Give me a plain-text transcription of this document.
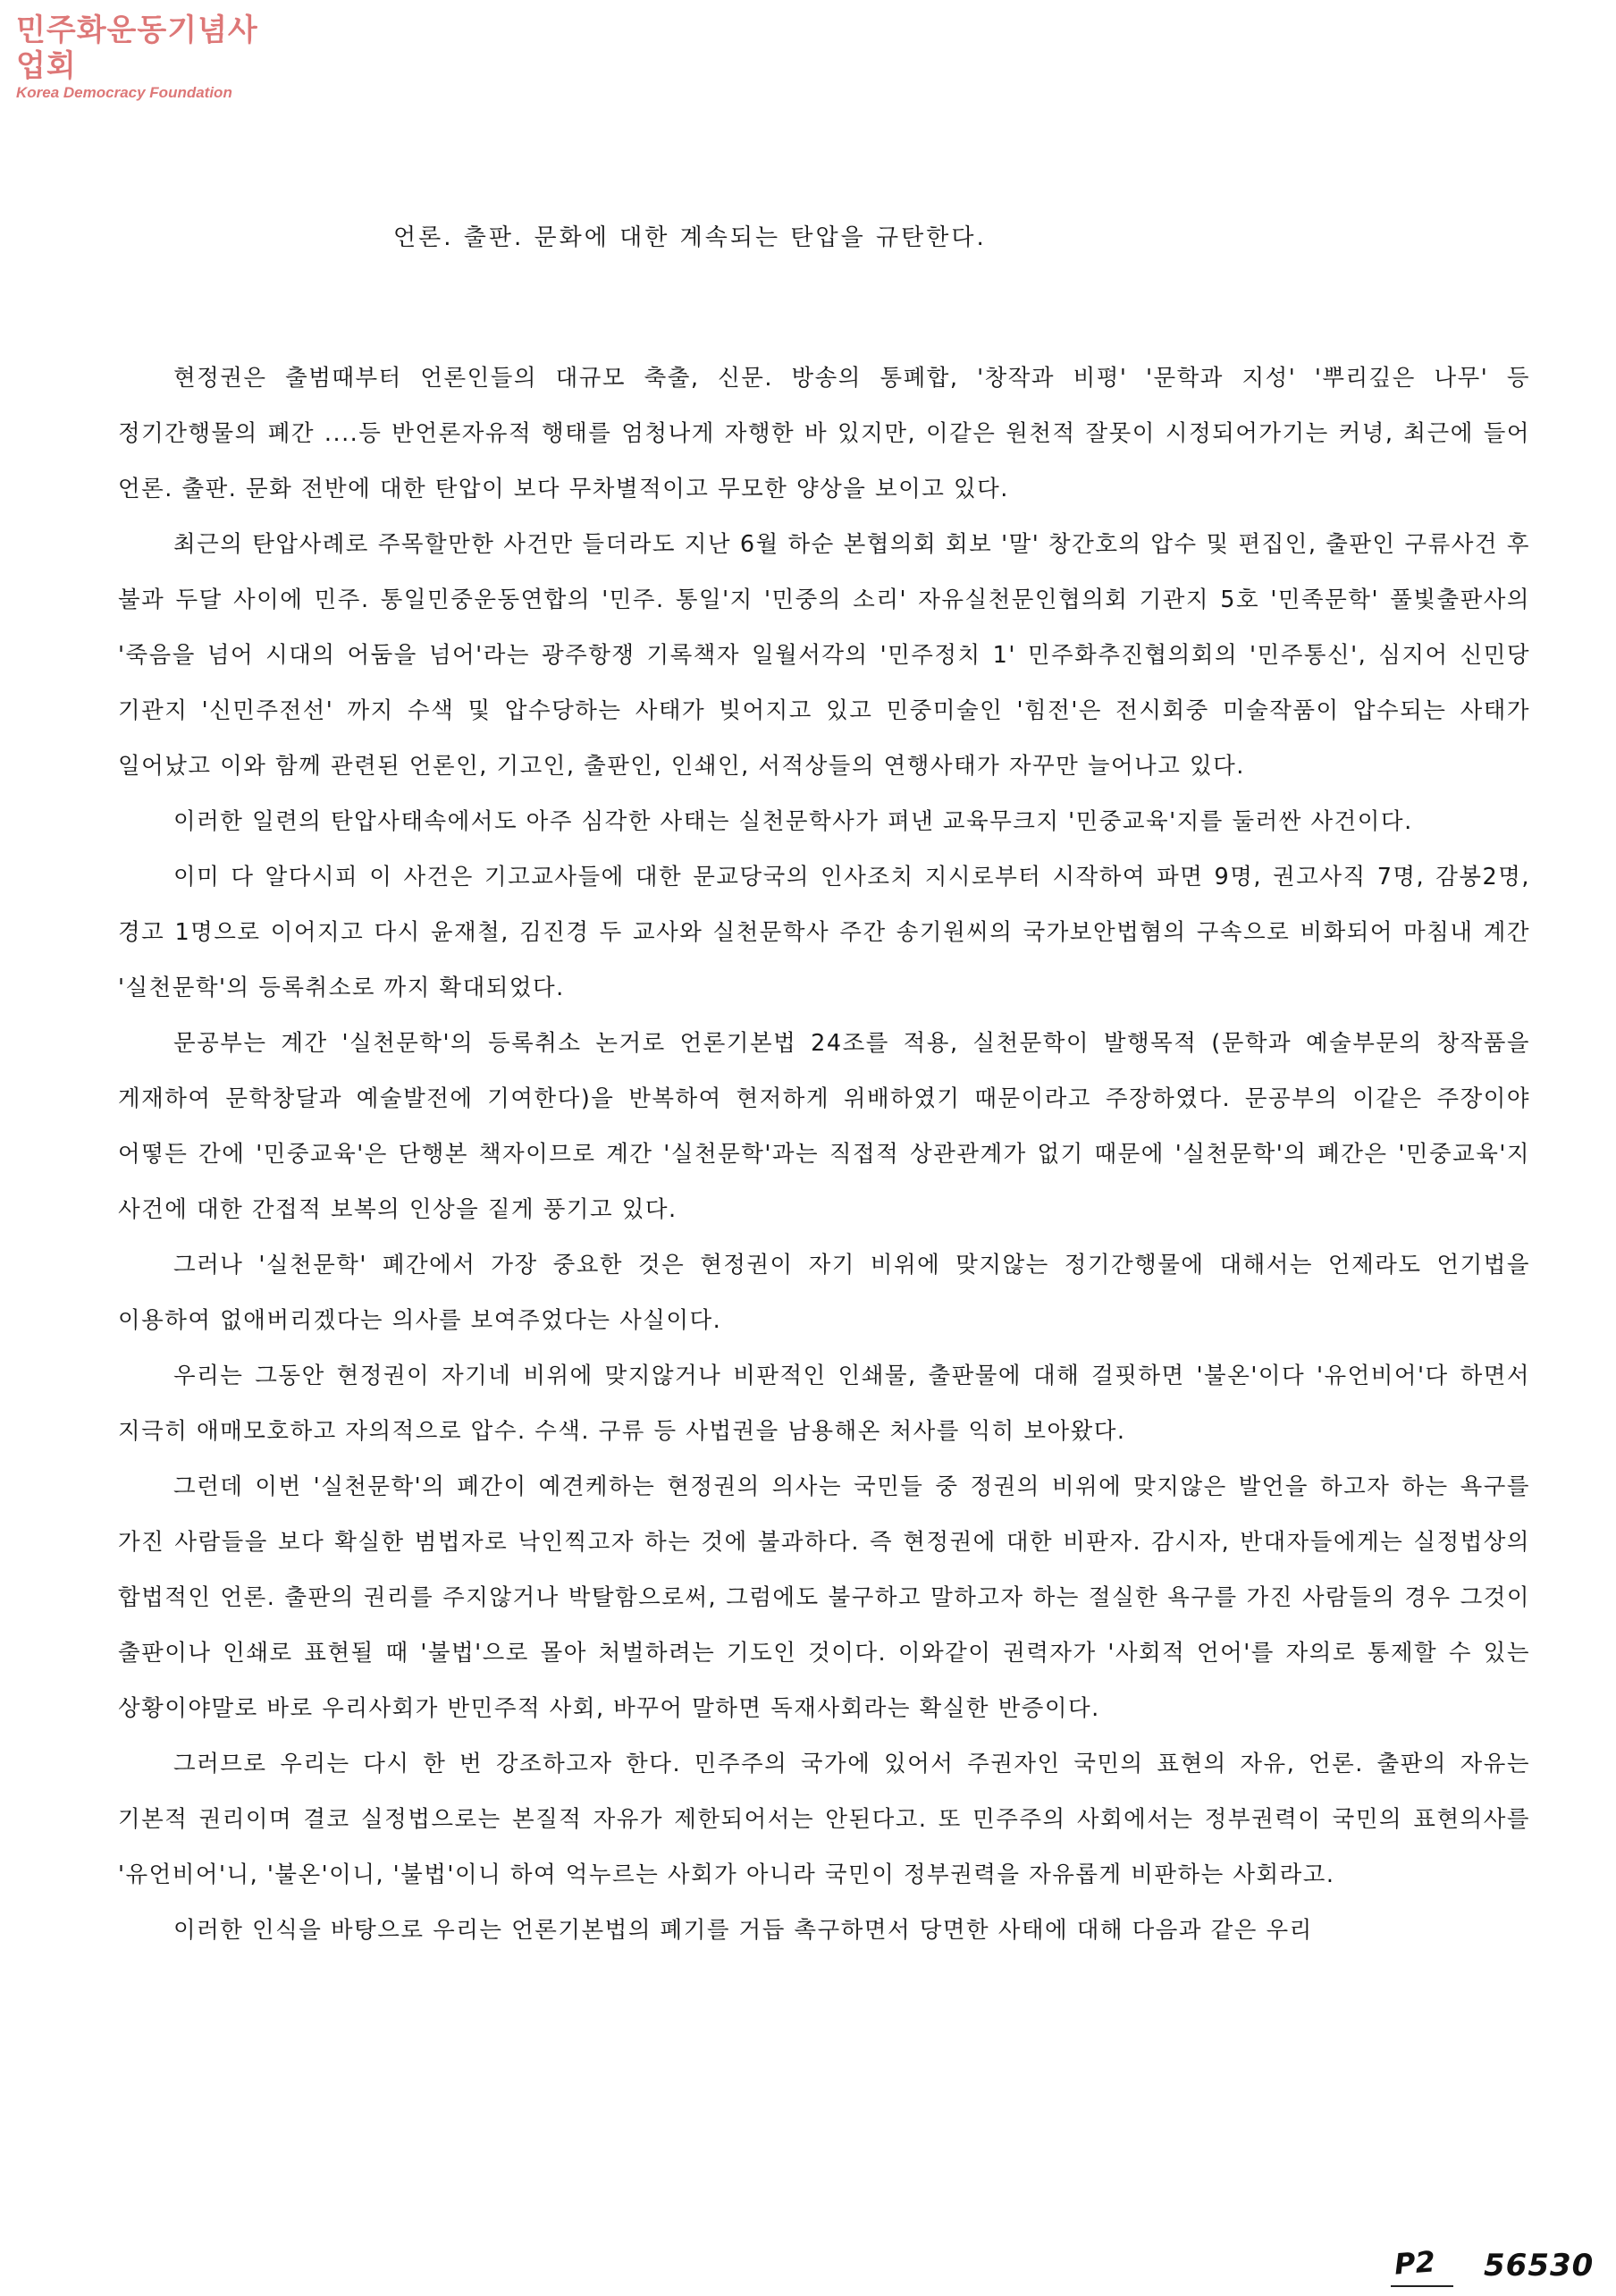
민주화운동기념사업회
Korea Democracy Foundation
언론. 출판. 문화에 대한 계속되는 탄압을 규탄한다.

현정권은 출범때부터 언론인들의 대규모 축출, 신문. 방송의 통폐합, '창작과 비평' '문학과 지성' '뿌리깊은 나무' 등 정기간행물의 폐간 ....등 반언론자유적 행태를 엄청나게 자행한 바 있지만, 이같은 원천적 잘못이 시정되어가기는 커녕, 최근에 들어 언론. 출판. 문화 전반에 대한 탄압이 보다 무차별적이고 무모한 양상을 보이고 있다.

최근의 탄압사례로 주목할만한 사건만 들더라도 지난 6월 하순 본협의회 회보 '말' 창간호의 압수 및 편집인, 출판인 구류사건 후 불과 두달 사이에 민주. 통일민중운동연합의 '민주. 통일'지 '민중의 소리' 자유실천문인협의회 기관지 5호 '민족문학' 풀빛출판사의 '죽음을 넘어 시대의 어둠을 넘어'라는 광주항쟁 기록책자 일월서각의 '민주정치 1' 민주화추진협의회의 '민주통신', 심지어 신민당 기관지 '신민주전선' 까지 수색 및 압수당하는 사태가 빚어지고 있고 민중미술인 '힘전'은 전시회중 미술작품이 압수되는 사태가 일어났고 이와 함께 관련된 언론인, 기고인, 출판인, 인쇄인, 서적상들의 연행사태가 자꾸만 늘어나고 있다.

이러한 일련의 탄압사태속에서도 아주 심각한 사태는 실천문학사가 펴낸 교육무크지 '민중교육'지를 둘러싼 사건이다.

이미 다 알다시피 이 사건은 기고교사들에 대한 문교당국의 인사조치 지시로부터 시작하여 파면 9명, 권고사직 7명, 감봉2명, 경고 1명으로 이어지고 다시 윤재철, 김진경 두 교사와 실천문학사 주간 송기원씨의 국가보안법혐의 구속으로 비화되어 마침내 계간 '실천문학'의 등록취소로 까지 확대되었다.

문공부는 계간 '실천문학'의 등록취소 논거로 언론기본법 24조를 적용, 실천문학이 발행목적 (문학과 예술부문의 창작품을 게재하여 문학창달과 예술발전에 기여한다)을 반복하여 현저하게 위배하였기 때문이라고 주장하였다. 문공부의 이같은 주장이야 어떻든 간에 '민중교육'은 단행본 책자이므로 계간 '실천문학'과는 직접적 상관관계가 없기 때문에 '실천문학'의 폐간은 '민중교육'지 사건에 대한 간접적 보복의 인상을 짙게 풍기고 있다.

그러나 '실천문학' 폐간에서 가장 중요한 것은 현정권이 자기 비위에 맞지않는 정기간행물에 대해서는 언제라도 언기법을 이용하여 없애버리겠다는 의사를 보여주었다는 사실이다.

우리는 그동안 현정권이 자기네 비위에 맞지않거나 비판적인 인쇄물, 출판물에 대해 걸핏하면 '불온'이다 '유언비어'다 하면서 지극히 애매모호하고 자의적으로 압수. 수색. 구류 등 사법권을 남용해온 처사를 익히 보아왔다.

그런데 이번 '실천문학'의 폐간이 예견케하는 현정권의 의사는 국민들 중 정권의 비위에 맞지않은 발언을 하고자 하는 욕구를 가진 사람들을 보다 확실한 범법자로 낙인찍고자 하는 것에 불과하다. 즉 현정권에 대한 비판자. 감시자, 반대자들에게는 실정법상의 합법적인 언론. 출판의 권리를 주지않거나 박탈함으로써, 그럼에도 불구하고 말하고자 하는 절실한 욕구를 가진 사람들의 경우 그것이 출판이나 인쇄로 표현될 때 '불법'으로 몰아 처벌하려는 기도인 것이다. 이와같이 권력자가 '사회적 언어'를 자의로 통제할 수 있는 상황이야말로 바로 우리사회가 반민주적 사회, 바꾸어 말하면 독재사회라는 확실한 반증이다.

그러므로 우리는 다시 한 번 강조하고자 한다. 민주주의 국가에 있어서 주권자인 국민의 표현의 자유, 언론. 출판의 자유는 기본적 권리이며 결코 실정법으로는 본질적 자유가 제한되어서는 안된다고. 또 민주주의 사회에서는 정부권력이 국민의 표현의사를 '유언비어'니, '불온'이니, '불법'이니 하여 억누르는 사회가 아니라 국민이 정부권력을 자유롭게 비판하는 사회라고.

이러한 인식을 바탕으로 우리는 언론기본법의 폐기를 거듭 촉구하면서 당면한 사태에 대해 다음과 같은 우리

P2 56530
